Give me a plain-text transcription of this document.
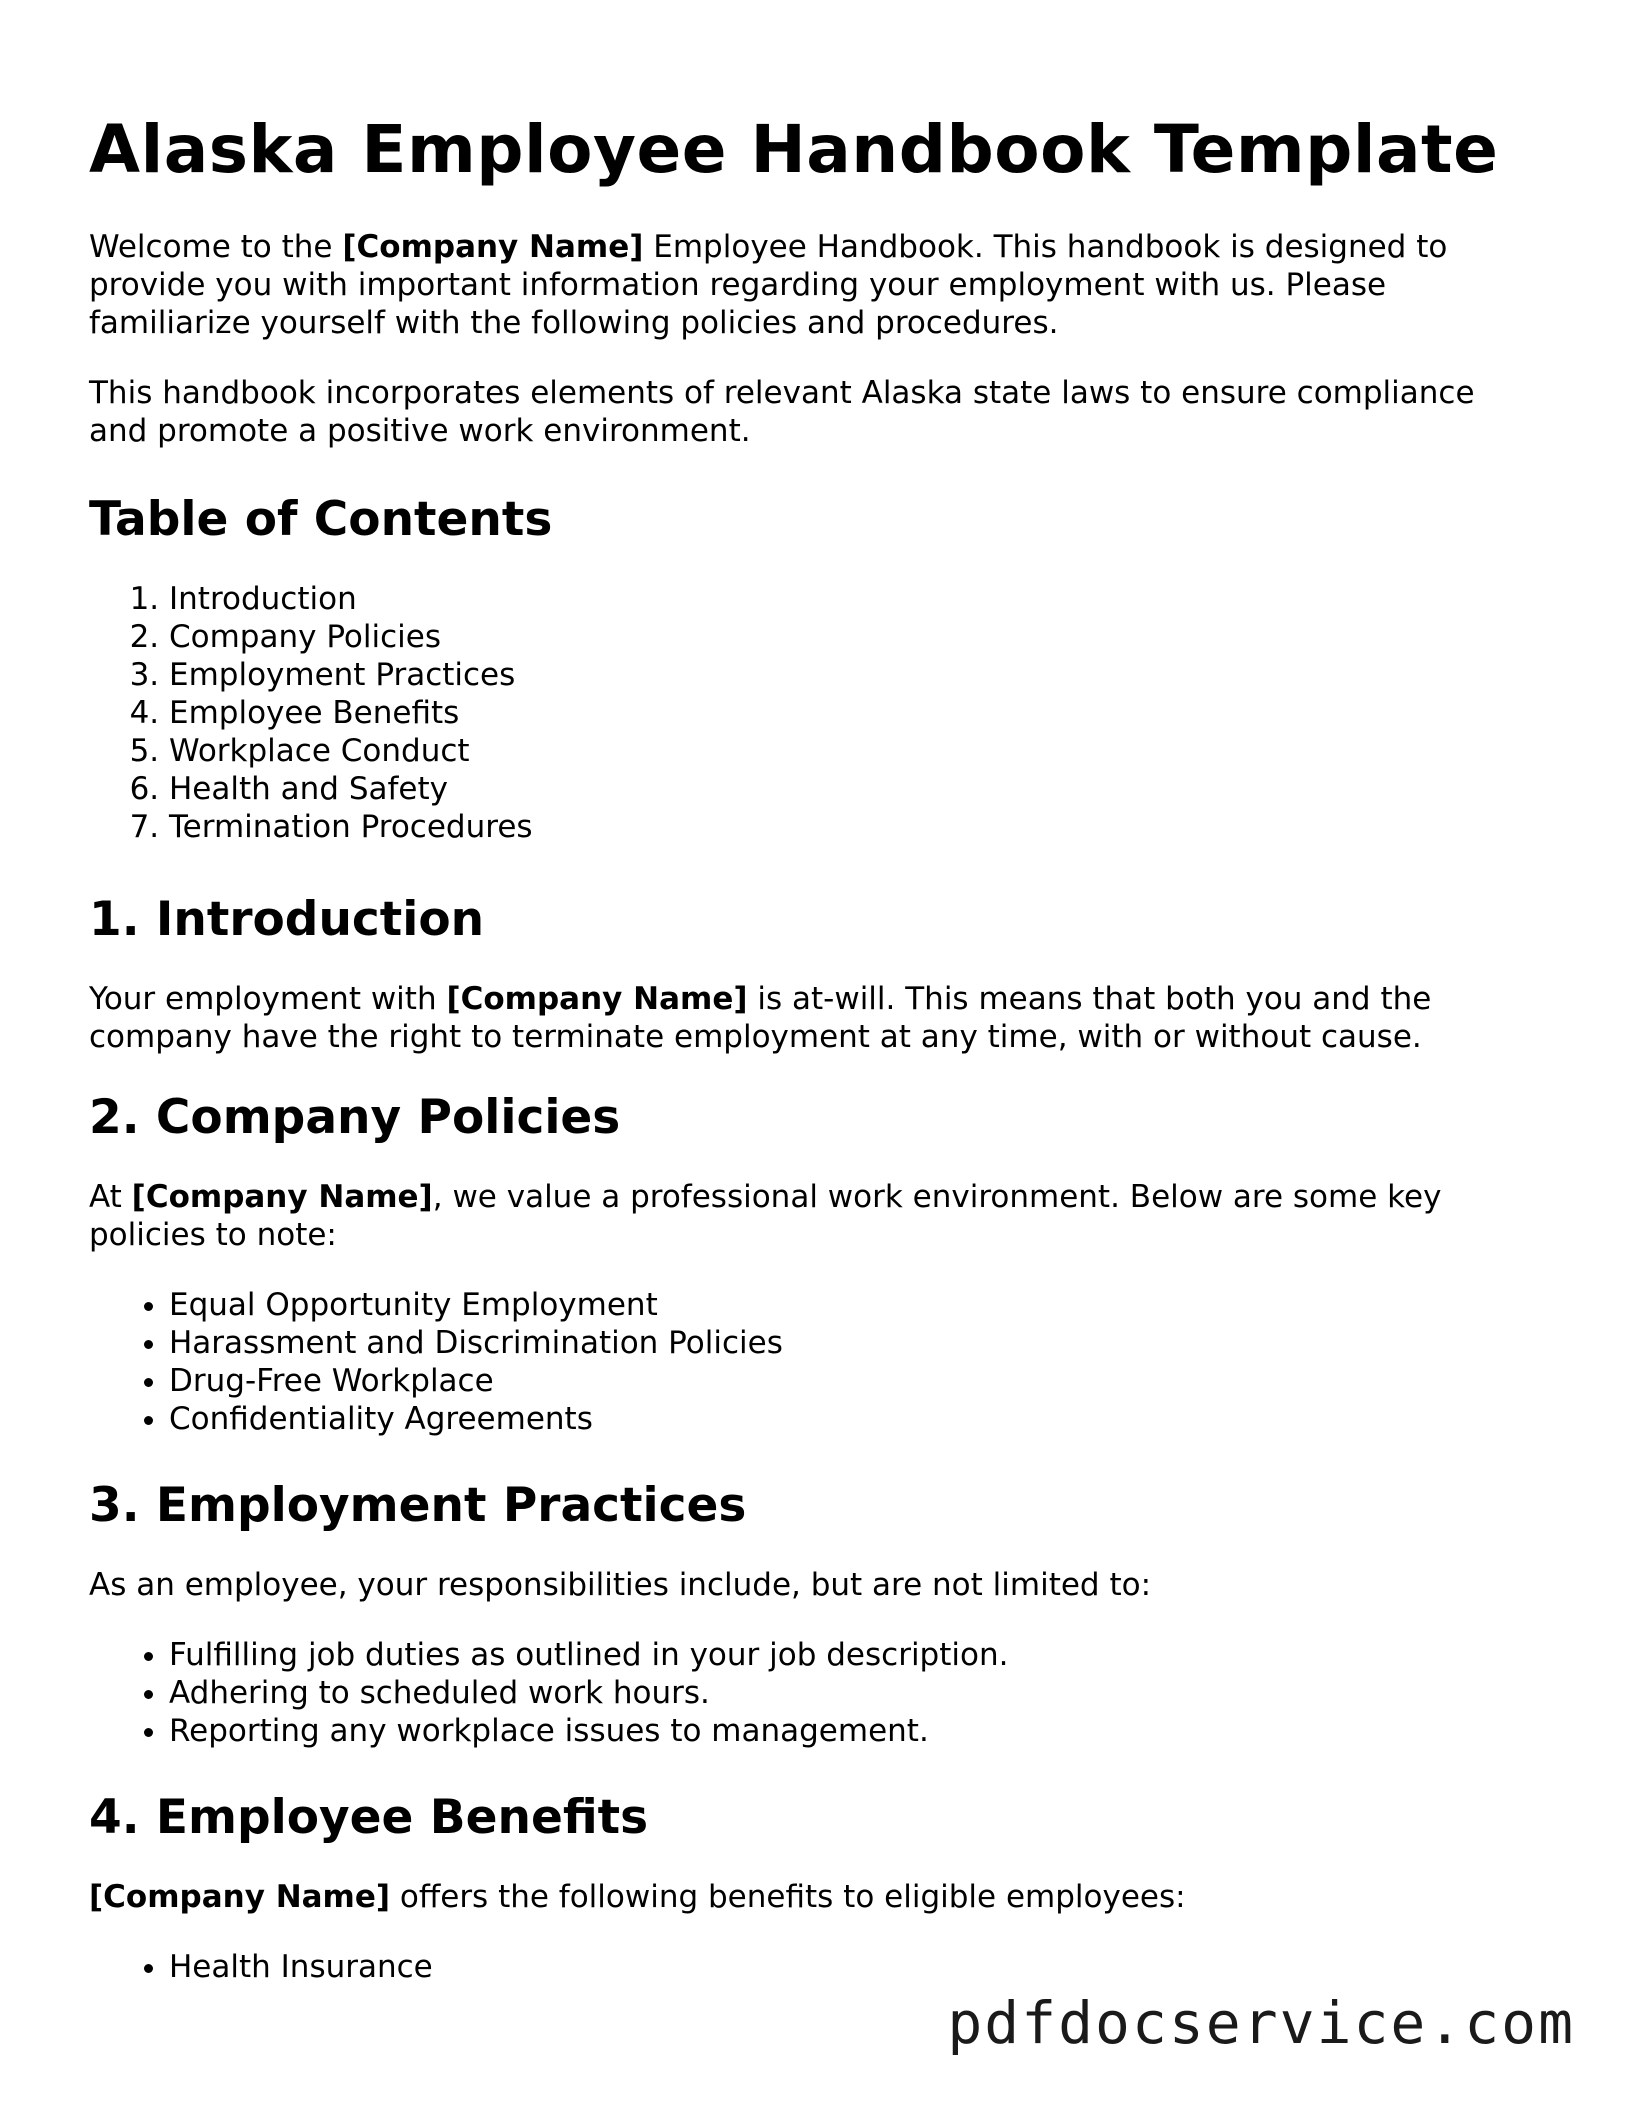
Alaska Employee Handbook Template

Welcome to the [Company Name] Employee Handbook. This handbook is designed to provide you with important information regarding your employment with us. Please familiarize yourself with the following policies and procedures.

This handbook incorporates elements of relevant Alaska state laws to ensure compliance and promote a positive work environment.

Table of Contents
1. Introduction
2. Company Policies
3. Employment Practices
4. Employee Benefits
5. Workplace Conduct
6. Health and Safety
7. Termination Procedures
1. Introduction

Your employment with [Company Name] is at-will. This means that both you and the company have the right to terminate employment at any time, with or without cause.

2. Company Policies

At [Company Name], we value a professional work environment. Below are some key policies to note:

• Equal Opportunity Employment
• Harassment and Discrimination Policies
• Drug-Free Workplace
• Confidentiality Agreements
3. Employment Practices

As an employee, your responsibilities include, but are not limited to:

• Fulfilling job duties as outlined in your job description.
• Adhering to scheduled work hours.
• Reporting any workplace issues to management.
4. Employee Benefits

[Company Name] offers the following benefits to eligible employees:

• Health Insurance
pdfdocservice.com
